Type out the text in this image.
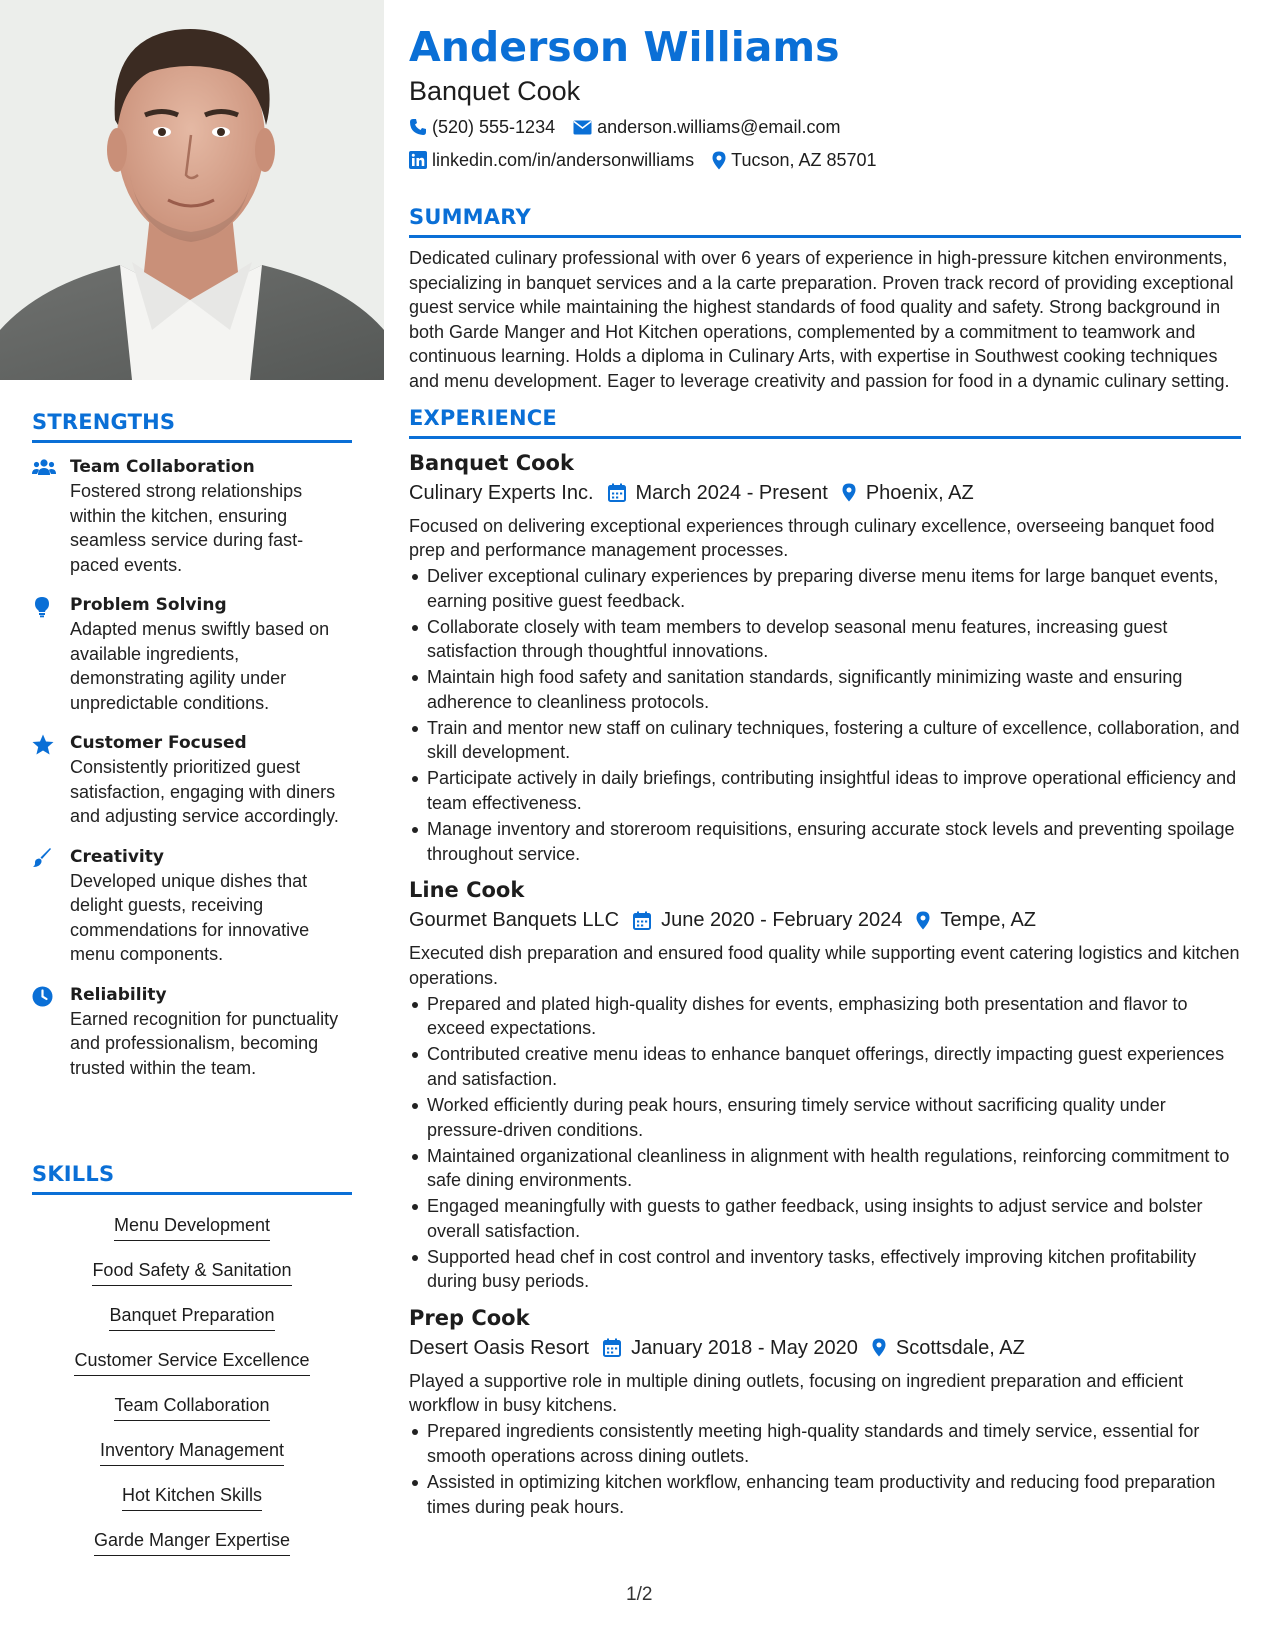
STRENGTHS
Team Collaboration
Fostered strong relationships within the kitchen, ensuring seamless service during fast-paced events.
Problem Solving
Adapted menus swiftly based on available ingredients, demonstrating agility under unpredictable conditions.
Customer Focused
Consistently prioritized guest satisfaction, engaging with diners and adjusting service accordingly.
Creativity
Developed unique dishes that delight guests, receiving commendations for innovative menu components.
Reliability
Earned recognition for punctuality and professionalism, becoming trusted within the team.
SKILLS
Menu Development
Food Safety & Sanitation
Banquet Preparation
Customer Service Excellence
Team Collaboration
Inventory Management
Hot Kitchen Skills
Garde Manger Expertise
Anderson Williams
Banquet Cook
(520) 555-1234 anderson.williams@email.com
linkedin.com/in/andersonwilliams Tucson, AZ 85701
SUMMARY
Dedicated culinary professional with over 6 years of experience in high-pressure kitchen environments, specializing in banquet services and a la carte preparation. Proven track record of providing exceptional guest service while maintaining the highest standards of food quality and safety. Strong background in both Garde Manger and Hot Kitchen operations, complemented by a commitment to teamwork and continuous learning. Holds a diploma in Culinary Arts, with expertise in Southwest cooking techniques and menu development. Eager to leverage creativity and passion for food in a dynamic culinary setting.
EXPERIENCE
Banquet Cook
Culinary Experts Inc. March 2024 - Present Phoenix, AZ
Focused on delivering exceptional experiences through culinary excellence, overseeing banquet food prep and performance management processes.
Deliver exceptional culinary experiences by preparing diverse menu items for large banquet events, earning positive guest feedback.
Collaborate closely with team members to develop seasonal menu features, increasing guest satisfaction through thoughtful innovations.
Maintain high food safety and sanitation standards, significantly minimizing waste and ensuring adherence to cleanliness protocols.
Train and mentor new staff on culinary techniques, fostering a culture of excellence, collaboration, and skill development.
Participate actively in daily briefings, contributing insightful ideas to improve operational efficiency and team effectiveness.
Manage inventory and storeroom requisitions, ensuring accurate stock levels and preventing spoilage throughout service.
Line Cook
Gourmet Banquets LLC June 2020 - February 2024 Tempe, AZ
Executed dish preparation and ensured food quality while supporting event catering logistics and kitchen operations.
Prepared and plated high-quality dishes for events, emphasizing both presentation and flavor to exceed expectations.
Contributed creative menu ideas to enhance banquet offerings, directly impacting guest experiences and satisfaction.
Worked efficiently during peak hours, ensuring timely service without sacrificing quality under pressure-driven conditions.
Maintained organizational cleanliness in alignment with health regulations, reinforcing commitment to safe dining environments.
Engaged meaningfully with guests to gather feedback, using insights to adjust service and bolster overall satisfaction.
Supported head chef in cost control and inventory tasks, effectively improving kitchen profitability during busy periods.
Prep Cook
Desert Oasis Resort January 2018 - May 2020 Scottsdale, AZ
Played a supportive role in multiple dining outlets, focusing on ingredient preparation and efficient workflow in busy kitchens.
Prepared ingredients consistently meeting high-quality standards and timely service, essential for smooth operations across dining outlets.
Assisted in optimizing kitchen workflow, enhancing team productivity and reducing food preparation times during peak hours.
1/2
